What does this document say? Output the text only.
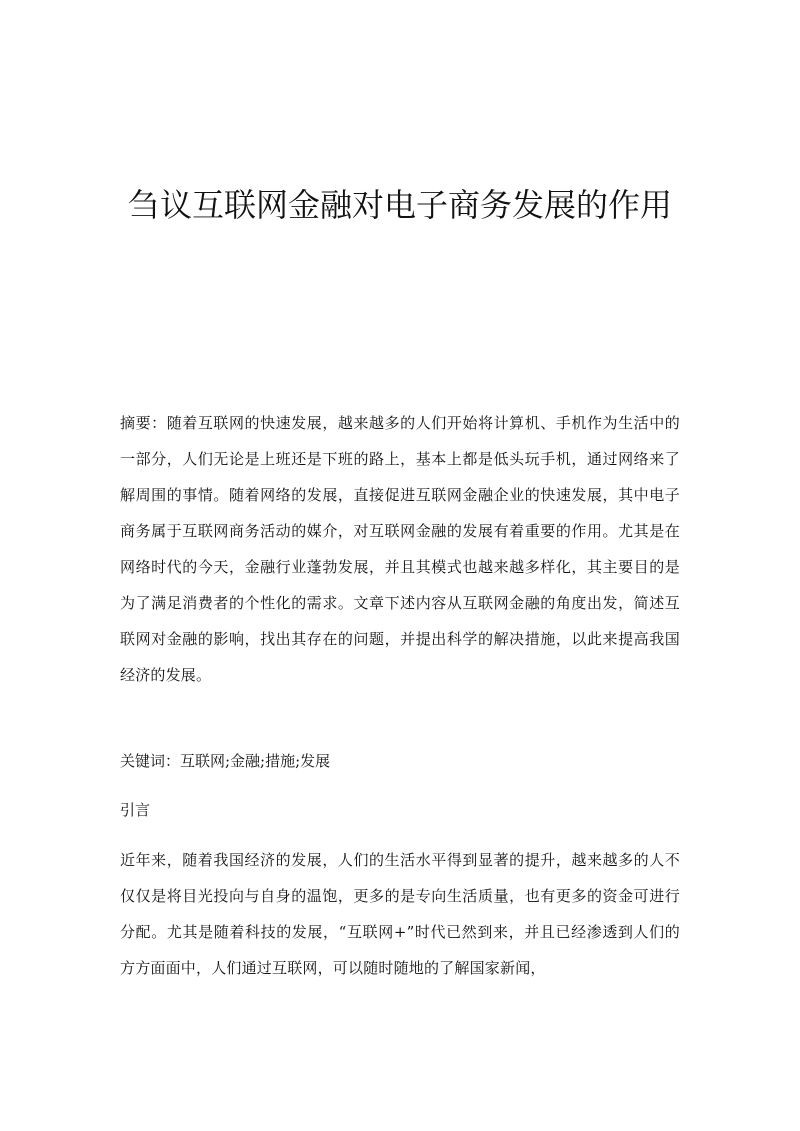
刍议互联网金融对电子商务发展的作用
摘要：随着互联网的快速发展，越来越多的人们开始将计算机、手机作为生活中的一部分，人们无论是上班还是下班的路上，基本上都是低头玩手机，通过网络来了解周围的事情。随着网络的发展，直接促进互联网金融企业的快速发展，其中电子商务属于互联网商务活动的媒介，对互联网金融的发展有着重要的作用。尤其是在网络时代的今天，金融行业蓬勃发展，并且其模式也越来越多样化，其主要目的是为了满足消费者的个性化的需求。文章下述内容从互联网金融的角度出发，简述互联网对金融的影响，找出其存在的问题，并提出科学的解决措施，以此来提高我国经济的发展。
关键词：互联网;金融;措施;发展
引言
近年来，随着我国经济的发展，人们的生活水平得到显著的提升，越来越多的人不仅仅是将目光投向与自身的温饱，更多的是专向生活质量，也有更多的资金可进行分配。尤其是随着科技的发展，“互联网+”时代已然到来，并且已经渗透到人们的方方面面中，人们通过互联网，可以随时随地的了解国家新闻，
